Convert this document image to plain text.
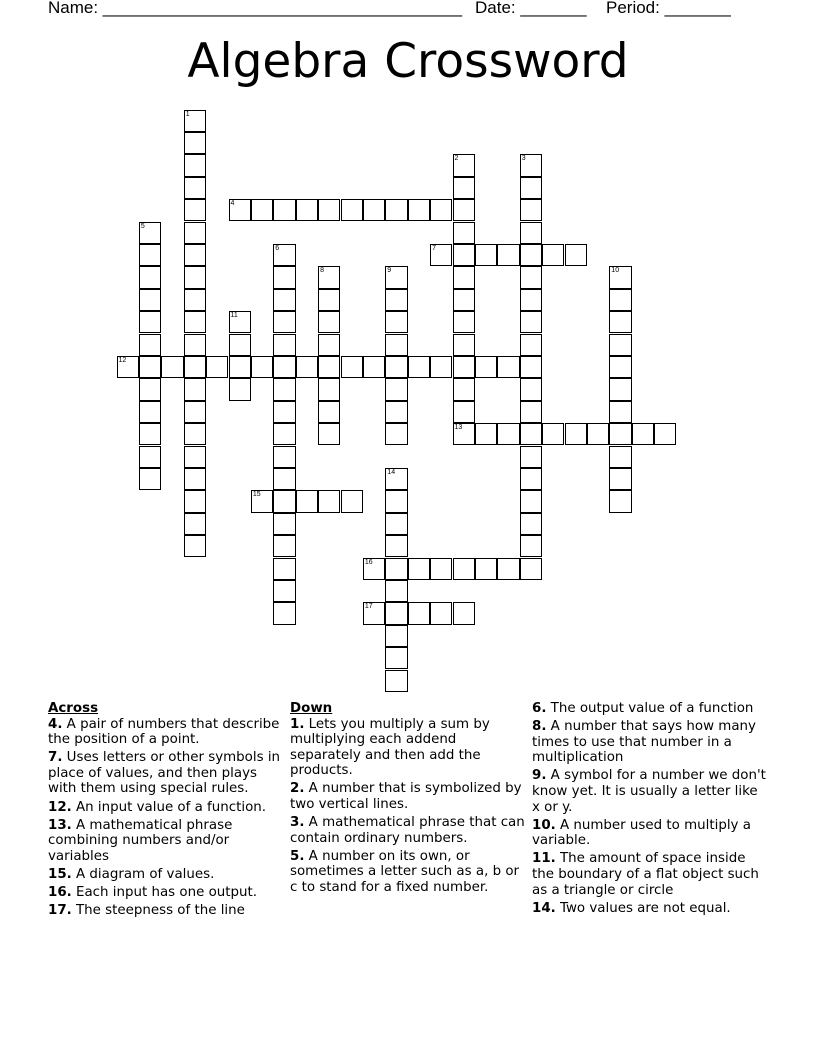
Name: ______________________________________ Date: _______ Period: _______
Algebra Crossword
1
2
13
3
4
5
6	7
8	9	10
11
12
14
15
16
17
Across
4. A pair of numbers that describe the position of a point.
7. Uses letters or other symbols in place of values, and then plays with them using special rules.
12. An input value of a function.
13. A mathematical phrase combining numbers and/or variables
15. A diagram of values.
16. Each input has one output.
17. The steepness of the line
Down
1. Lets you multiply a sum by multiplying each addend separately and then add the products.
2. A number that is symbolized by two vertical lines.
3. A mathematical phrase that can contain ordinary numbers.
5. A number on its own, or sometimes a letter such as a, b or c to stand for a fixed number.
6. The output value of a function
8. A number that says how many times to use that number in a multiplication
9. A symbol for a number we don't know yet. It is usually a letter like x or y.
10. A number used to multiply a variable.
11. The amount of space inside the boundary of a flat object such as a triangle or circle
14. Two values are not equal.
